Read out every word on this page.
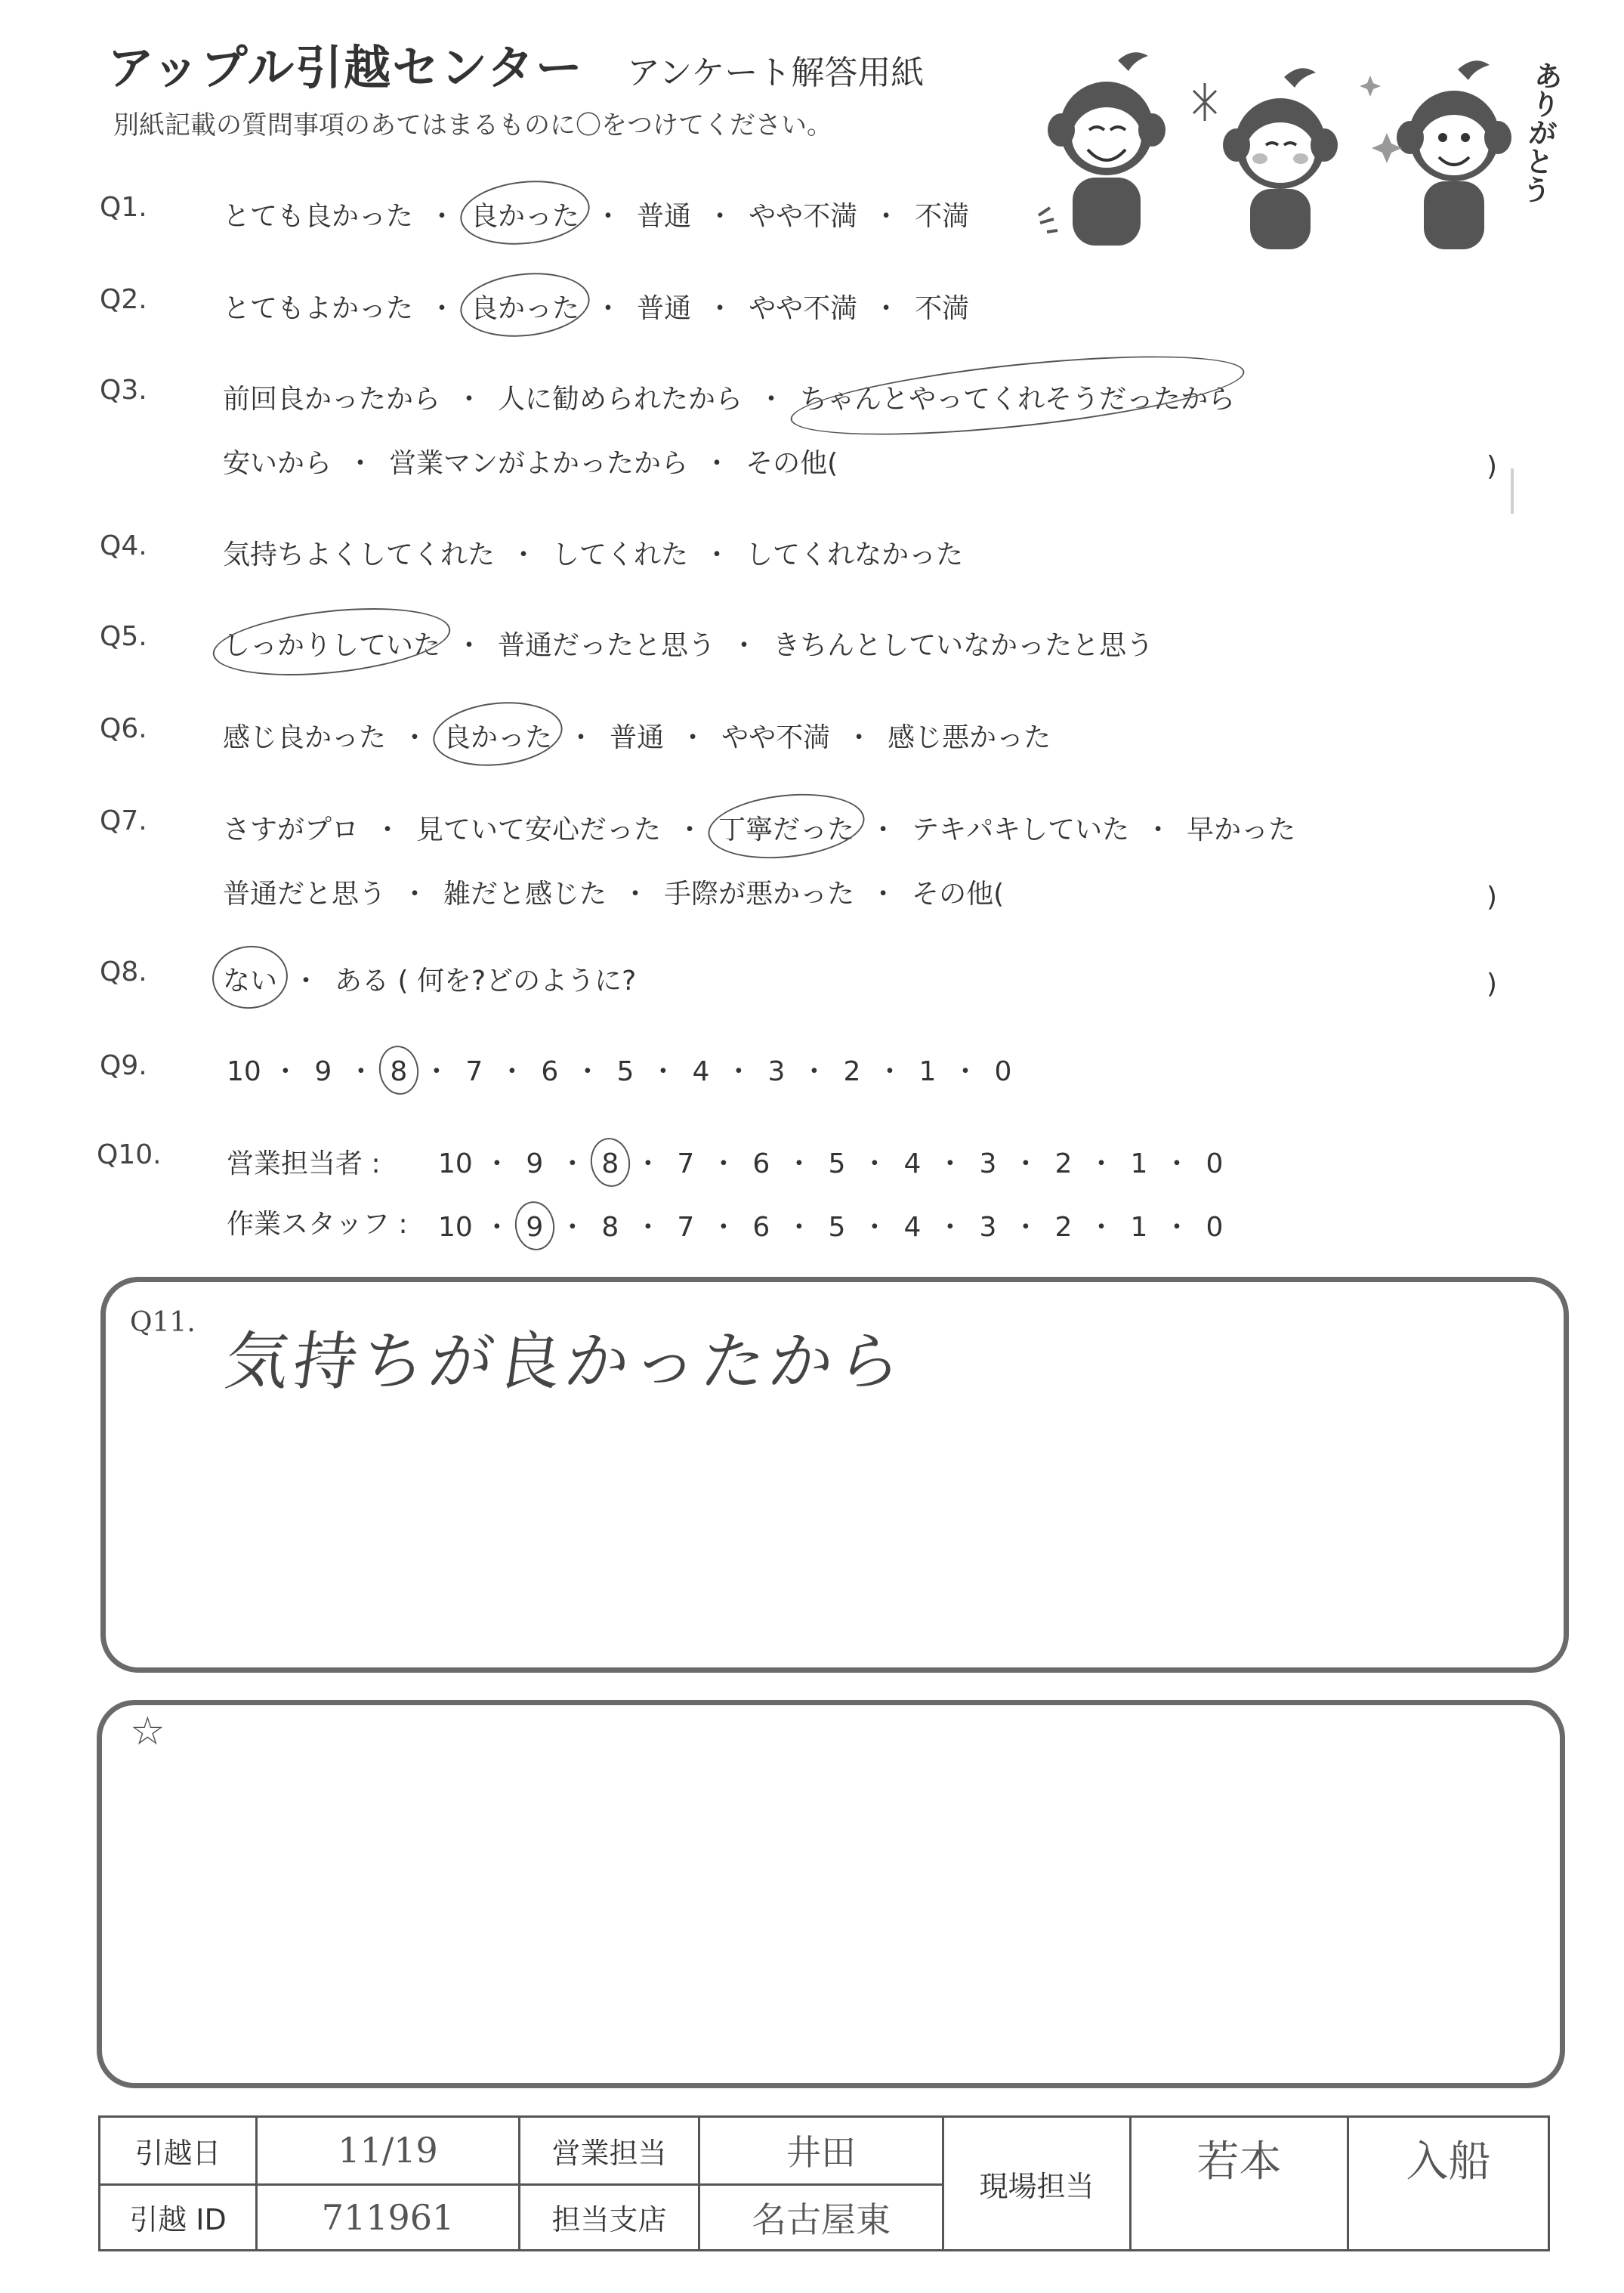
アップル引越センター アンケート解答用紙
別紙記載の質問事項のあてはまるものに〇をつけてください。	ありがとう
Q1.	とても良かった ・ 良かった ・ 普通 ・ やや不満 ・ 不満
Q2.	とてもよかった ・ 良かった ・ 普通 ・ やや不満 ・ 不満
Q3.	前回良かったから ・ 人に勧められたから ・ ちゃんとやってくれそうだったから
安いから ・ 営業マンがよかったから ・ その他(	)
Q4.	気持ちよくしてくれた ・ してくれた ・ してくれなかった
Q5.	しっかりしていた ・ 普通だったと思う ・ きちんとしていなかったと思う
Q6.	感じ良かった ・ 良かった ・ 普通 ・ やや不満 ・ 感じ悪かった
Q7.	さすがプロ ・ 見ていて安心だった ・ 丁寧だった ・ テキパキしていた ・ 早かった
普通だと思う ・ 雑だと感じた ・ 手際が悪かった ・ その他(	)
Q8.	ない ・ ある ( 何を?どのように?	)
Q9.	10 ・ 9 ・ 8 ・ 7 ・ 6 ・ 5 ・ 4 ・ 3 ・ 2 ・ 1 ・ 0
Q10. 営業担当者 : 10 ・ 9 ・ 8 ・ 7 ・ 6 ・ 5 ・ 4 ・ 3 ・ 2 ・ 1 ・ 0
作業スタッフ : 10 ・ 9 ・ 8 ・ 7 ・ 6 ・ 5 ・ 4 ・ 3 ・ 2 ・ 1 ・ 0
Q11.
気持ちが良かったから
☆
引越日	11/19	営業担当	井田	現場担当	若本	入船
引越 ID	711961	担当支店	名古屋東			
